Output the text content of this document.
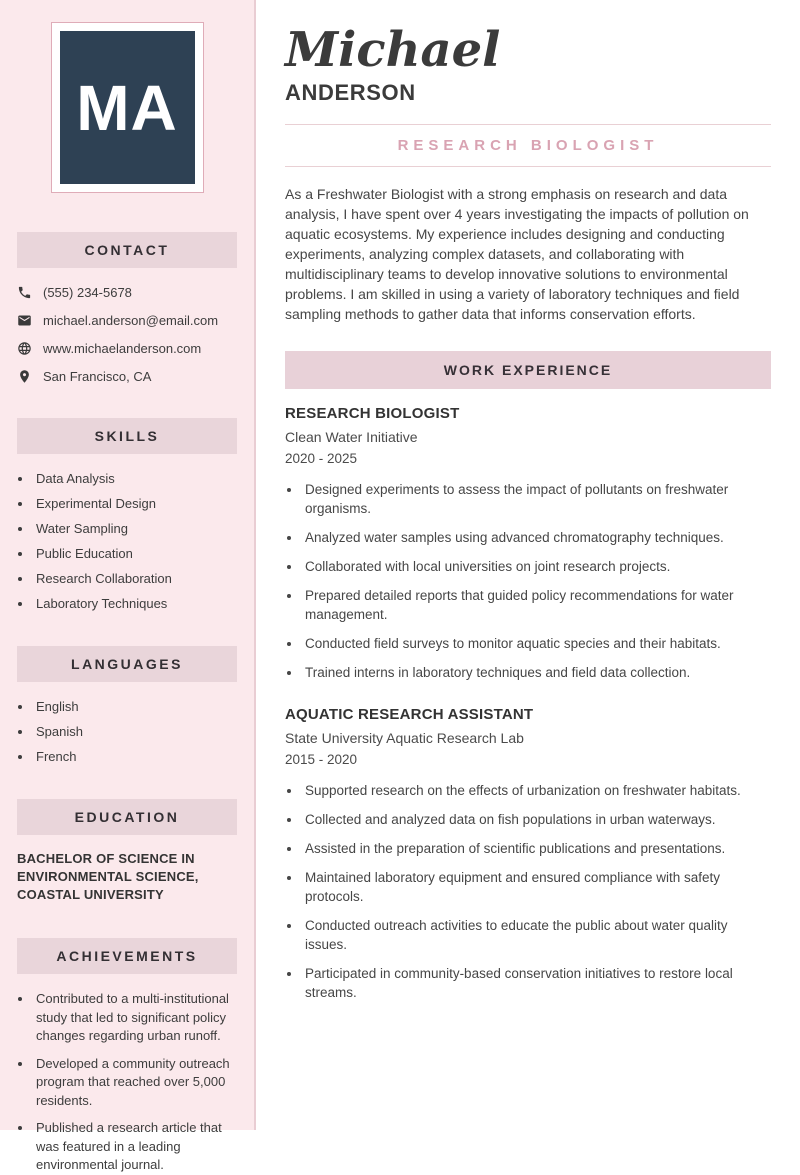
MA
CONTACT
(555) 234-5678
michael.anderson@email.com
www.michaelanderson.com
San Francisco, CA
SKILLS
• Data Analysis
• Experimental Design
• Water Sampling
• Public Education
• Research Collaboration
• Laboratory Techniques
LANGUAGES
• English
• Spanish
• French
EDUCATION
BACHELOR OF SCIENCE IN ENVIRONMENTAL SCIENCE, COASTAL UNIVERSITY
ACHIEVEMENTS
• Contributed to a multi-institutional study that led to significant policy changes regarding urban runoff.
• Developed a community outreach program that reached over 5,000 residents.
• Published a research article that was featured in a leading environmental journal.
Michael
ANDERSON
RESEARCH BIOLOGIST

As a Freshwater Biologist with a strong emphasis on research and data analysis, I have spent over 4 years investigating the impacts of pollution on aquatic ecosystems. My experience includes designing and conducting experiments, analyzing complex datasets, and collaborating with multidisciplinary teams to develop innovative solutions to environmental problems. I am skilled in using a variety of laboratory techniques and field sampling methods to gather data that informs conservation efforts.

WORK EXPERIENCE
RESEARCH BIOLOGIST
Clean Water Initiative
2020 - 2025
• Designed experiments to assess the impact of pollutants on freshwater organisms.
• Analyzed water samples using advanced chromatography techniques.
• Collaborated with local universities on joint research projects.
• Prepared detailed reports that guided policy recommendations for water management.
• Conducted field surveys to monitor aquatic species and their habitats.
• Trained interns in laboratory techniques and field data collection.
AQUATIC RESEARCH ASSISTANT
State University Aquatic Research Lab
2015 - 2020
• Supported research on the effects of urbanization on freshwater habitats.
• Collected and analyzed data on fish populations in urban waterways.
• Assisted in the preparation of scientific publications and presentations.
• Maintained laboratory equipment and ensured compliance with safety protocols.
• Conducted outreach activities to educate the public about water quality issues.
• Participated in community-based conservation initiatives to restore local streams.
